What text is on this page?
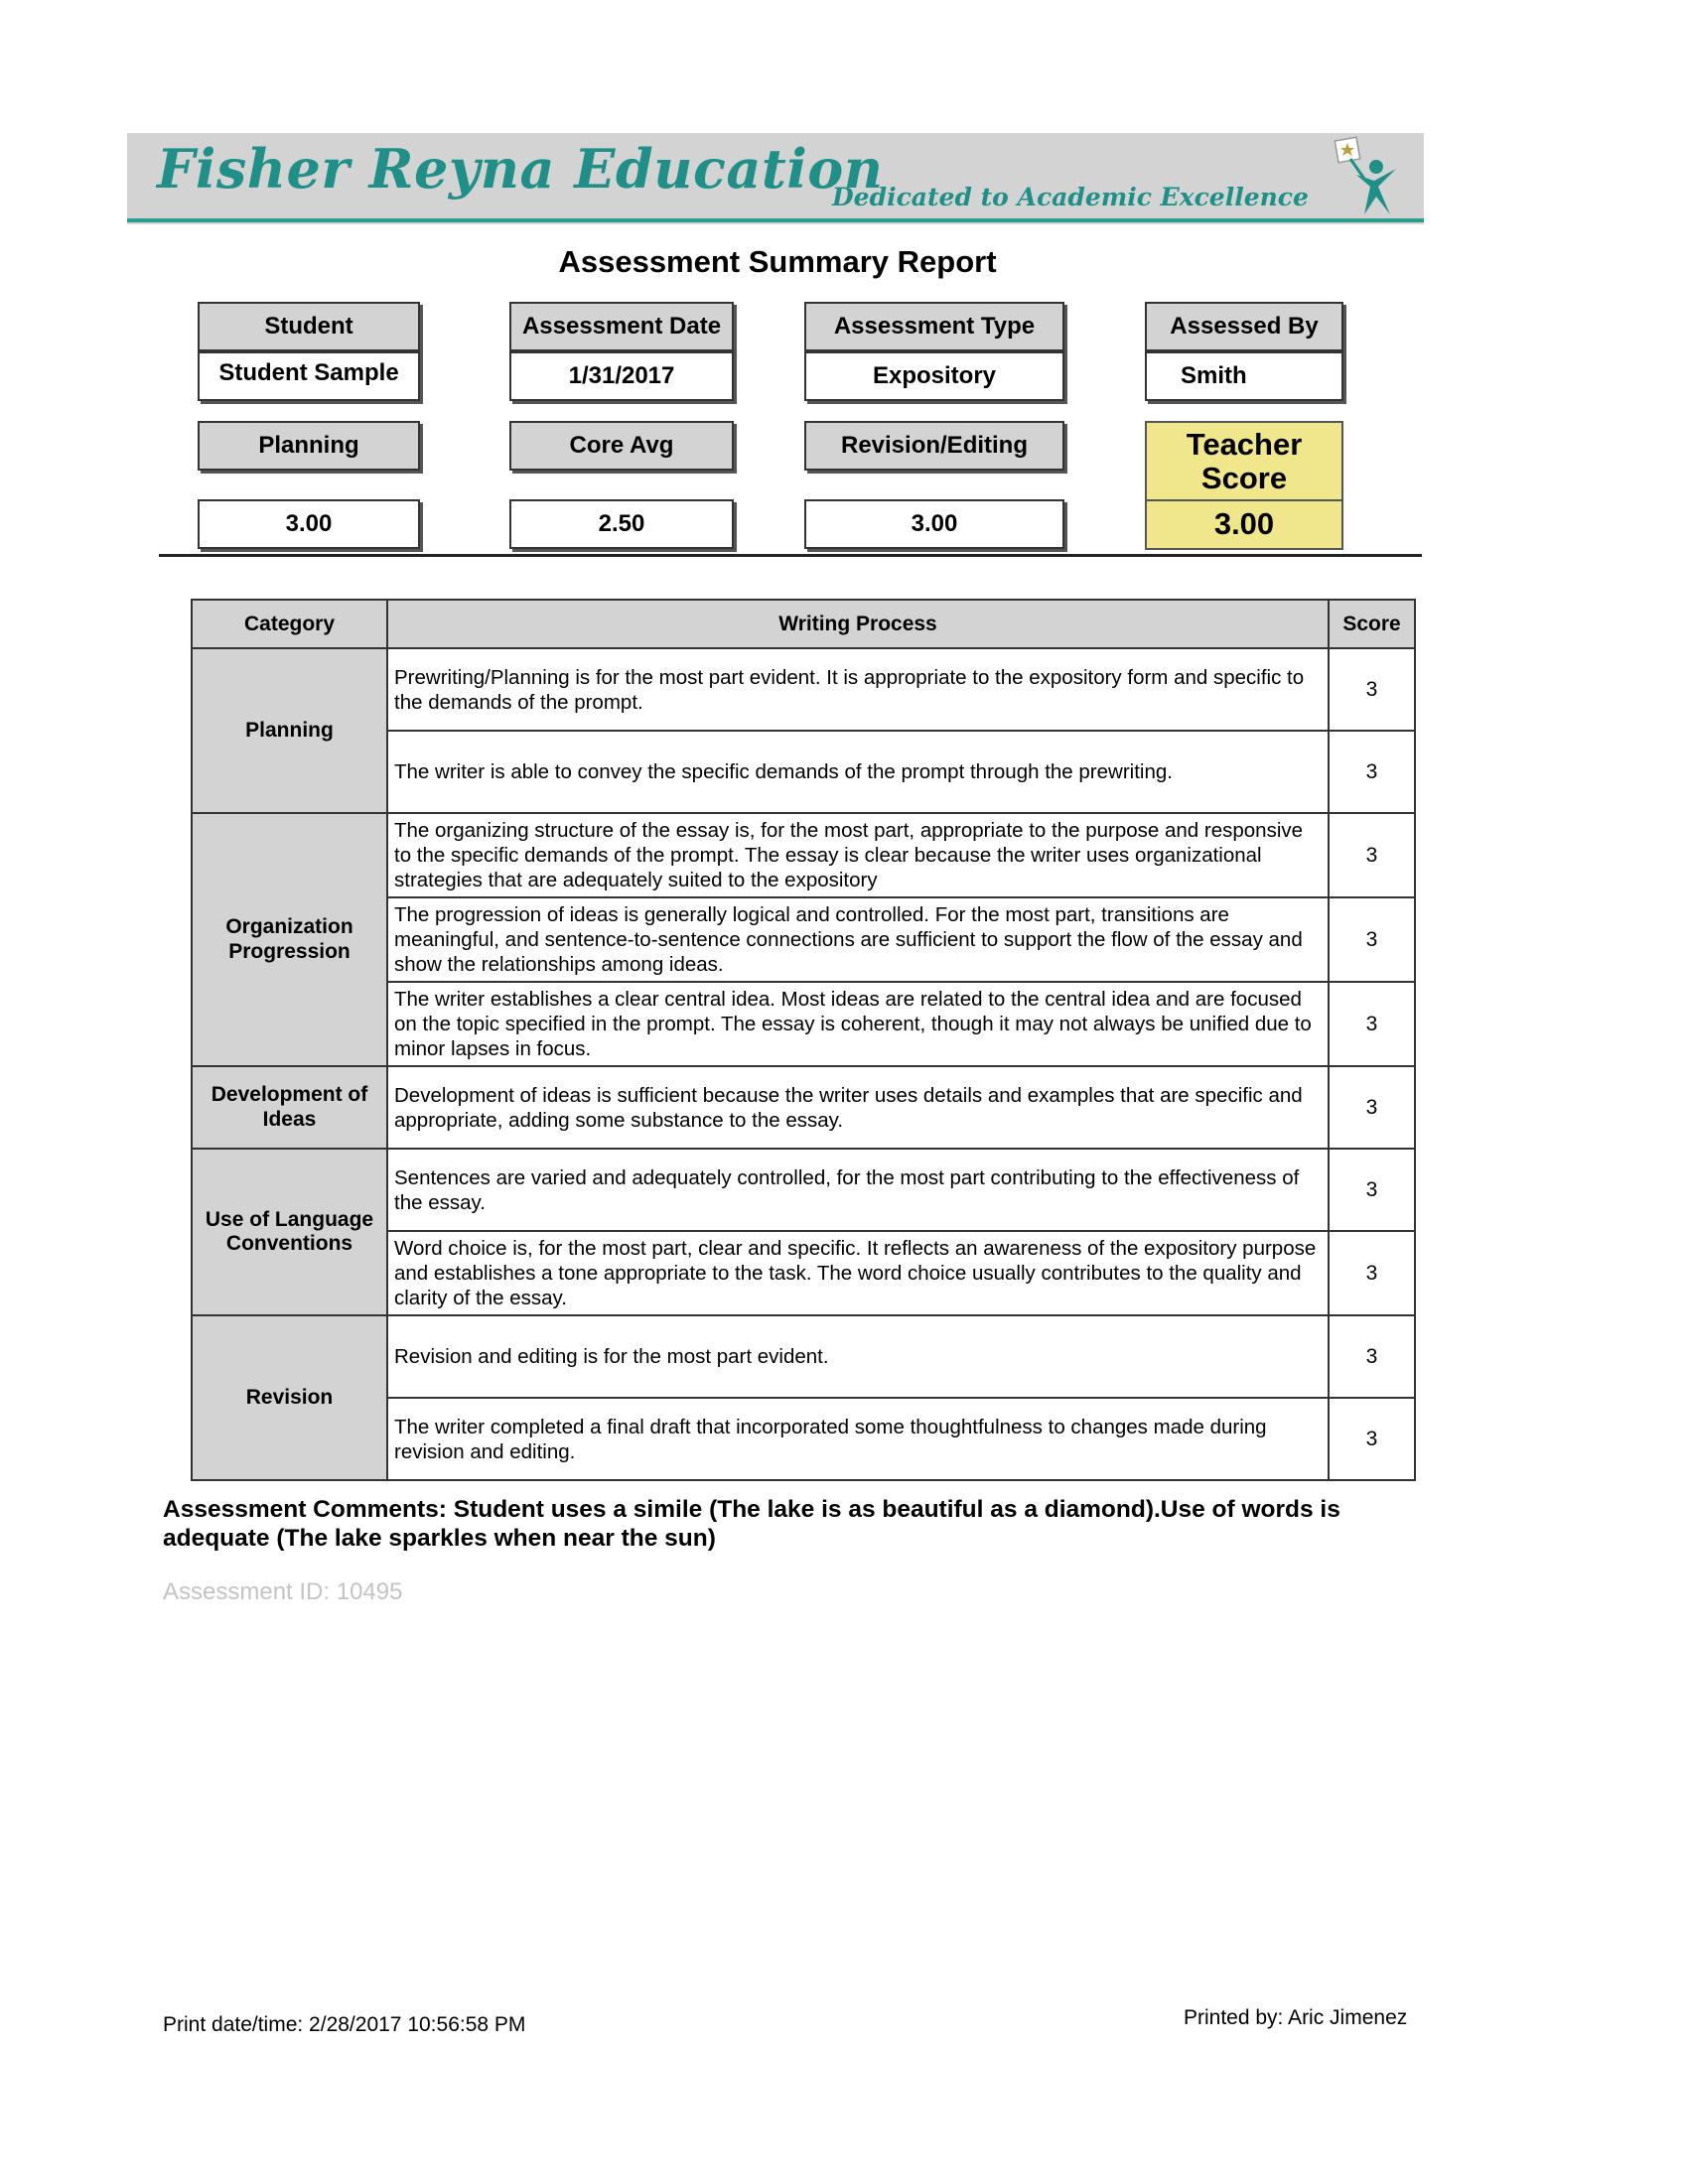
Fisher Reyna Education
Dedicated to Academic Excellence
Assessment Summary Report
Student
Student Sample
Assessment Date
1/31/2017
Assessment Type
Expository
Assessed By
Smith
Planning
3.00
Core Avg
2.50
Revision/Editing
3.00
Teacher
Score
3.00
Category	Writing Process	Score
Planning	Prewriting/Planning is for the most part evident. It is appropriate to the expository form and specific to the demands of the prompt.	3
	The writer is able to convey the specific demands of the prompt through the prewriting.	3
Organization Progression	The organizing structure of the essay is, for the most part, appropriate to the purpose and responsive to the specific demands of the prompt. The essay is clear because the writer uses organizational strategies that are adequately suited to the expository	3
	The progression of ideas is generally logical and controlled. For the most part, transitions are meaningful, and sentence-to-sentence connections are sufficient to support the flow of the essay and show the relationships among ideas.	3
	The writer establishes a clear central idea. Most ideas are related to the central idea and are focused on the topic specified in the prompt. The essay is coherent, though it may not always be unified due to minor lapses in focus.	3
Development of Ideas	Development of ideas is sufficient because the writer uses details and examples that are specific and appropriate, adding some substance to the essay.	3
Use of Language Conventions	Sentences are varied and adequately controlled, for the most part contributing to the effectiveness of the essay.	3
	Word choice is, for the most part, clear and specific. It reflects an awareness of the expository purpose and establishes a tone appropriate to the task. The word choice usually contributes to the quality and clarity of the essay.	3
Revision	Revision and editing is for the most part evident.	3
	The writer completed a final draft that incorporated some thoughtfulness to changes made during revision and editing.	3
Assessment Comments: Student uses a simile (The lake is as beautiful as a diamond).Use of words is adequate (The lake sparkles when near the sun)
Assessment ID: 10495
Print date/time: 2/28/2017 10:56:58 PM	Printed by: Aric Jimenez
